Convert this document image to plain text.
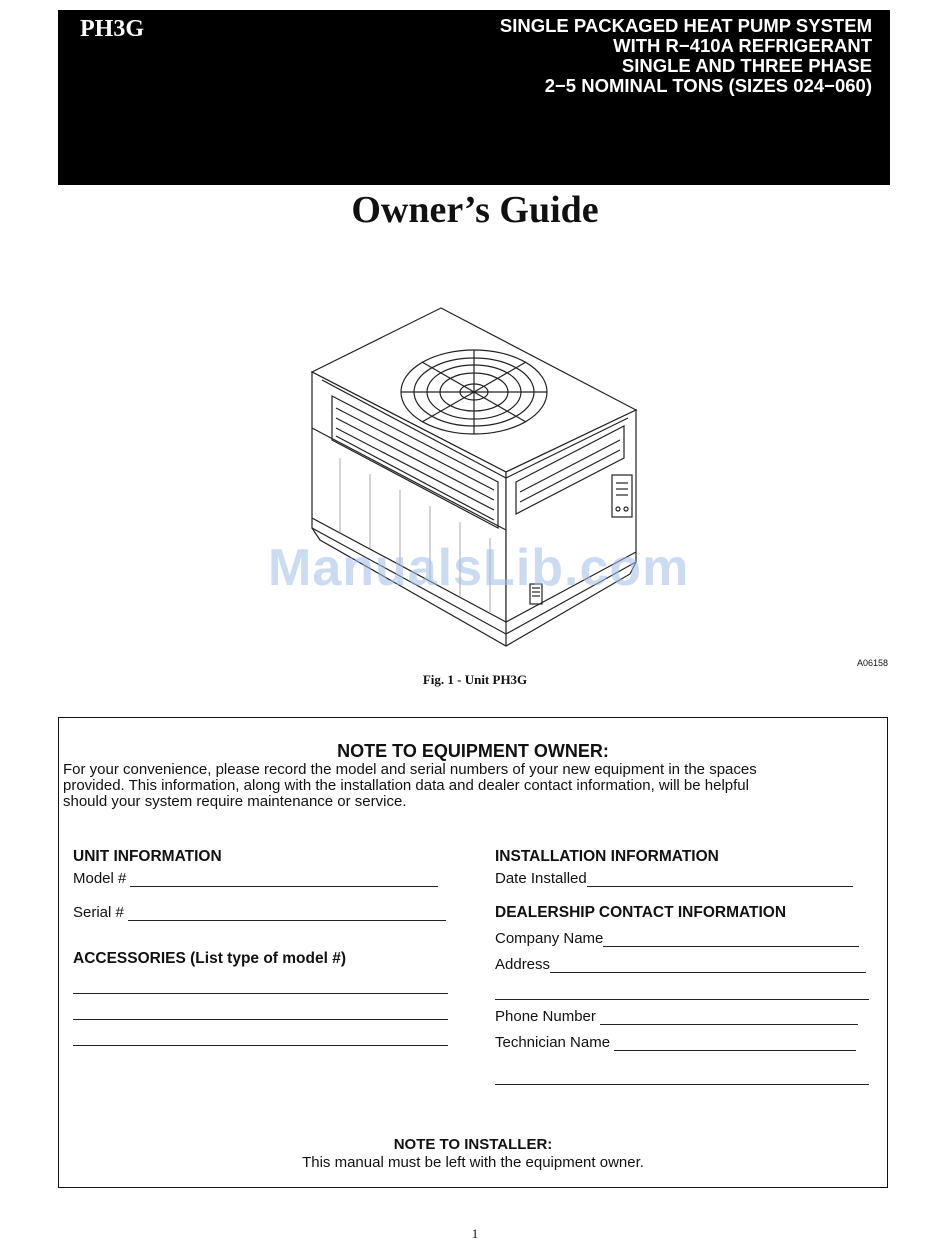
PH3G	SINGLE PACKAGED HEAT PUMP SYSTEM
WITH R−410A REFRIGERANT
SINGLE AND THREE PHASE
2−5 NOMINAL TONS (SIZES 024−060)
Owner’s Guide
ManualsLib.com
A06158
Fig. 1 - Unit PH3G
NOTE TO EQUIPMENT OWNER:
For your convenience, please record the model and serial numbers of your new equipment in the spaces
provided. This information, along with the installation data and dealer contact information, will be helpful
should your system require maintenance or service.
UNIT INFORMATION
Model #
Serial #
ACCESSORIES (List type of model #)
INSTALLATION INFORMATION
Date Installed
DEALERSHIP CONTACT INFORMATION
Company Name
Address
Phone Number
Technician Name
NOTE TO INSTALLER:
This manual must be left with the equipment owner.
1
